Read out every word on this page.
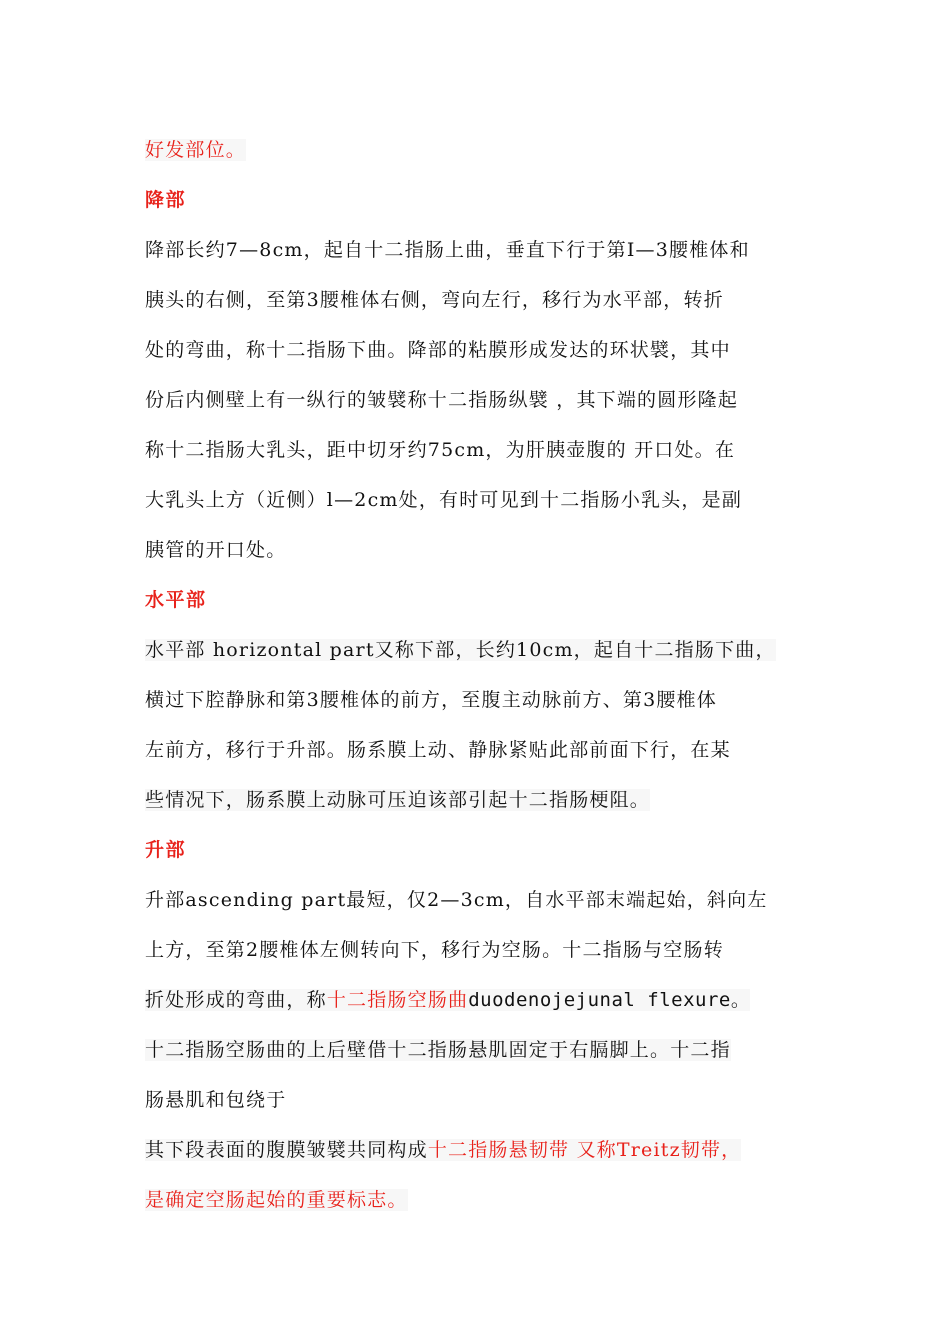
好发部位。
降部
降部长约7—8cm，起自十二指肠上曲，垂直下行于第Ⅰ—3腰椎体和
胰头的右侧，至第3腰椎体右侧，弯向左行，移行为水平部，转折
处的弯曲，称十二指肠下曲。降部的粘膜形成发达的环状襞，其中
份后内侧壁上有一纵行的皱襞称十二指肠纵襞 ，其下端的圆形隆起
称十二指肠大乳头，距中切牙约75cm，为肝胰壶腹的 开口处。在
大乳头上方（近侧）l—2cm处，有时可见到十二指肠小乳头，是副
胰管的开口处。
水平部
水平部 horizontal part又称下部，长约10cm，起自十二指肠下曲，
横过下腔静脉和第3腰椎体的前方，至腹主动脉前方、第3腰椎体
左前方，移行于升部。肠系膜上动、静脉紧贴此部前面下行，在某
些情况下，肠系膜上动脉可压迫该部引起十二指肠梗阻。
升部
升部ascending part最短，仅2—3cm，自水平部末端起始，斜向左
上方，至第2腰椎体左侧转向下，移行为空肠。十二指肠与空肠转
折处形成的弯曲，称十二指肠空肠曲duodenojejunal flexure。
十二指肠空肠曲的上后壁借十二指肠悬肌固定于右膈脚上。十二指
肠悬肌和包绕于
其下段表面的腹膜皱襞共同构成十二指肠悬韧带 又称Treitz韧带，
是确定空肠起始的重要标志。
